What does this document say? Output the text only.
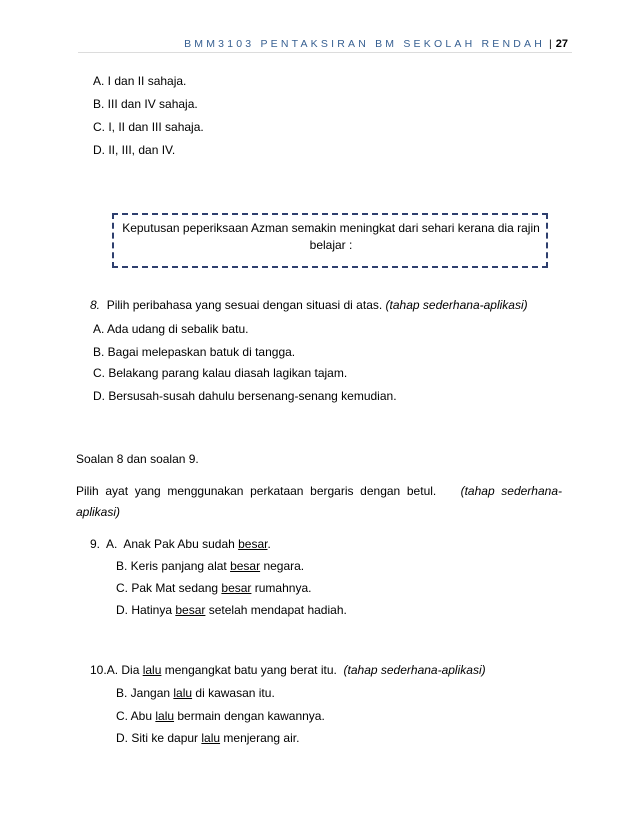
BMM3103 PENTAKSIRAN BM SEKOLAH RENDAH | 27
A. I dan II sahaja.
B. III dan IV sahaja.
C. I, II dan III sahaja.
D. II, III, dan IV.
Keputusan peperiksaan Azman semakin meningkat dari sehari kerana dia rajin belajar :
8. Pilih peribahasa yang sesuai dengan situasi di atas. (tahap sederhana-aplikasi)
A. Ada udang di sebalik batu.
B. Bagai melepaskan batuk di tangga.
C. Belakang parang kalau diasah lagikan tajam.
D. Bersusah-susah dahulu bersenang-senang kemudian.
Soalan 8 dan soalan 9.
Pilih  ayat  yang  menggunakan  perkataan  bergaris  dengan  betul. (tahap  sederhana-
aplikasi)
9. A.  Anak Pak Abu sudah besar.
B. Keris panjang alat besar negara.
C. Pak Mat sedang besar rumahnya.
D. Hatinya besar setelah mendapat hadiah.
10.A. Dia lalu mengangkat batu yang berat itu. (tahap sederhana-aplikasi)
B. Jangan lalu di kawasan itu.
C. Abu lalu bermain dengan kawannya.
D. Siti ke dapur lalu menjerang air.
